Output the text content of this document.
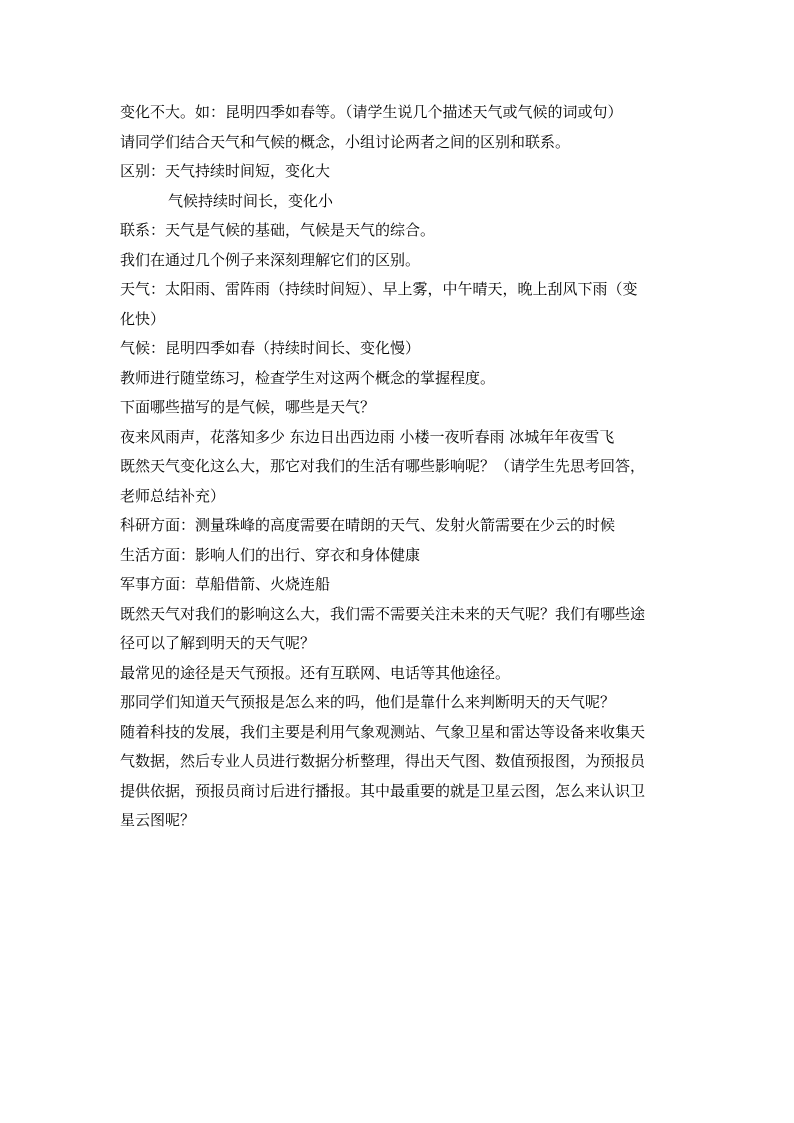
变化不大。如：昆明四季如春等。（请学生说几个描述天气或气候的词或句）
请同学们结合天气和气候的概念，小组讨论两者之间的区别和联系。
区别：天气持续时间短，变化大
气候持续时间长，变化小
联系：天气是气候的基础，气候是天气的综合。
我们在通过几个例子来深刻理解它们的区别。
天气：太阳雨、雷阵雨（持续时间短）、早上雾，中午晴天，晚上刮风下雨（变
化快）
气候：昆明四季如春（持续时间长、变化慢）
教师进行随堂练习，检查学生对这两个概念的掌握程度。
下面哪些描写的是气候，哪些是天气？
夜来风雨声，花落知多少 东边日出西边雨 小楼一夜听春雨 冰城年年夜雪飞
既然天气变化这么大，那它对我们的生活有哪些影响呢？（请学生先思考回答，
老师总结补充）
科研方面：测量珠峰的高度需要在晴朗的天气、发射火箭需要在少云的时候
生活方面：影响人们的出行、穿衣和身体健康
军事方面：草船借箭、火烧连船
既然天气对我们的影响这么大，我们需不需要关注未来的天气呢？我们有哪些途
径可以了解到明天的天气呢？
最常见的途径是天气预报。还有互联网、电话等其他途径。
那同学们知道天气预报是怎么来的吗，他们是靠什么来判断明天的天气呢？
随着科技的发展，我们主要是利用气象观测站、气象卫星和雷达等设备来收集天
气数据，然后专业人员进行数据分析整理，得出天气图、数值预报图，为预报员
提供依据，预报员商讨后进行播报。其中最重要的就是卫星云图，怎么来认识卫
星云图呢？
